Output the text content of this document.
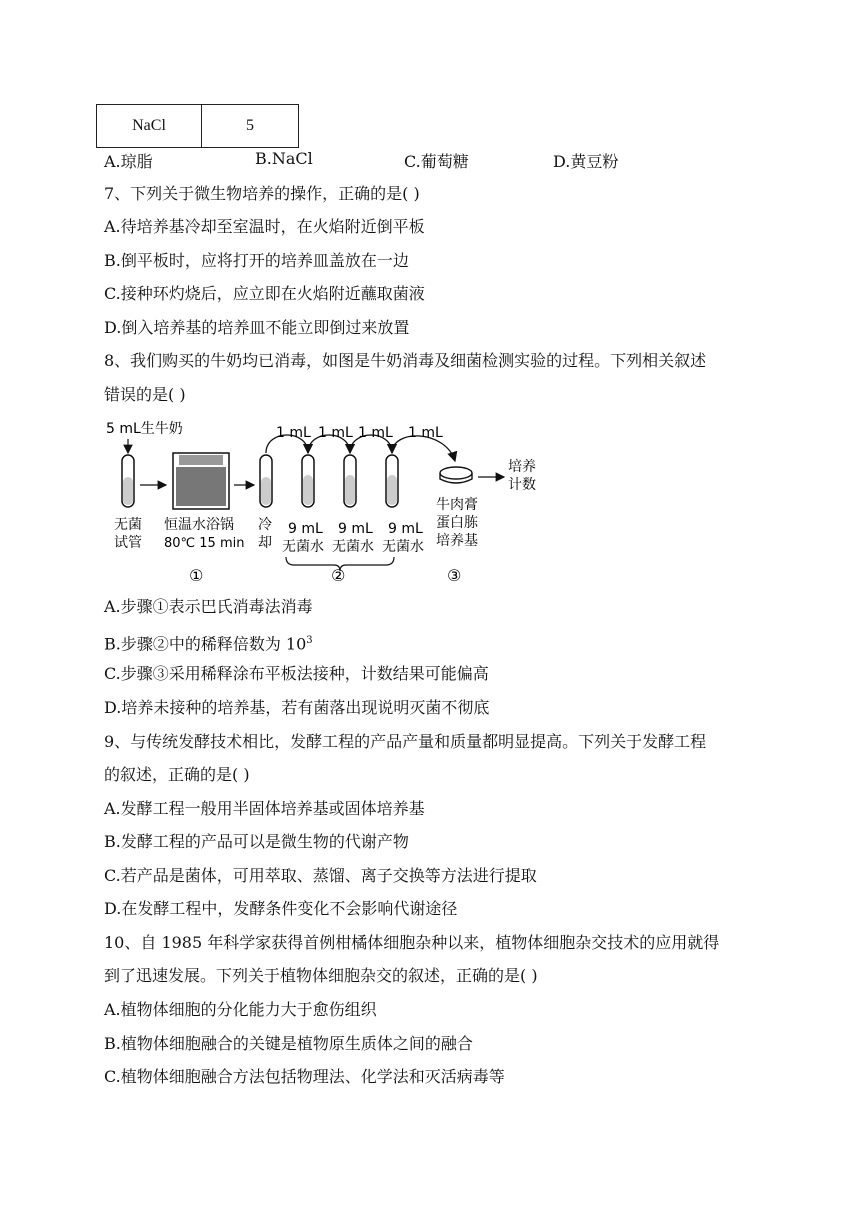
NaCl	5
A.琼脂	B.NaCl	C.葡萄糖	D.黄豆粉
7、下列关于微生物培养的操作，正确的是( )
A.待培养基冷却至室温时，在火焰附近倒平板
B.倒平板时，应将打开的培养皿盖放在一边
C.接种环灼烧后，应立即在火焰附近蘸取菌液
D.倒入培养基的培养皿不能立即倒过来放置
8、我们购买的牛奶均已消毒，如图是牛奶消毒及细菌检测实验的过程。下列相关叙述
错误的是( )
5 mL生牛奶
无菌
试管
恒温水浴锅
80℃ 15 min
冷
却
1 mL 1 mL 1 mL 1 mL
9 mL 9 mL 9 mL
无菌水 无菌水 无菌水
培养
计数
牛肉膏
蛋白胨
培养基
①	②	③
A.步骤①表示巴氏消毒法消毒
B.步骤②中的稀释倍数为 $10^3$
C.步骤③采用稀释涂布平板法接种，计数结果可能偏高
D.培养未接种的培养基，若有菌落出现说明灭菌不彻底
9、与传统发酵技术相比，发酵工程的产品产量和质量都明显提高。下列关于发酵工程
的叙述，正确的是( )
A.发酵工程一般用半固体培养基或固体培养基
B.发酵工程的产品可以是微生物的代谢产物
C.若产品是菌体，可用萃取、蒸馏、离子交换等方法进行提取
D.在发酵工程中，发酵条件变化不会影响代谢途径
10、自 1985 年科学家获得首例柑橘体细胞杂种以来，植物体细胞杂交技术的应用就得
到了迅速发展。下列关于植物体细胞杂交的叙述，正确的是( )
A.植物体细胞的分化能力大于愈伤组织
B.植物体细胞融合的关键是植物原生质体之间的融合
C.植物体细胞融合方法包括物理法、化学法和灭活病毒等
